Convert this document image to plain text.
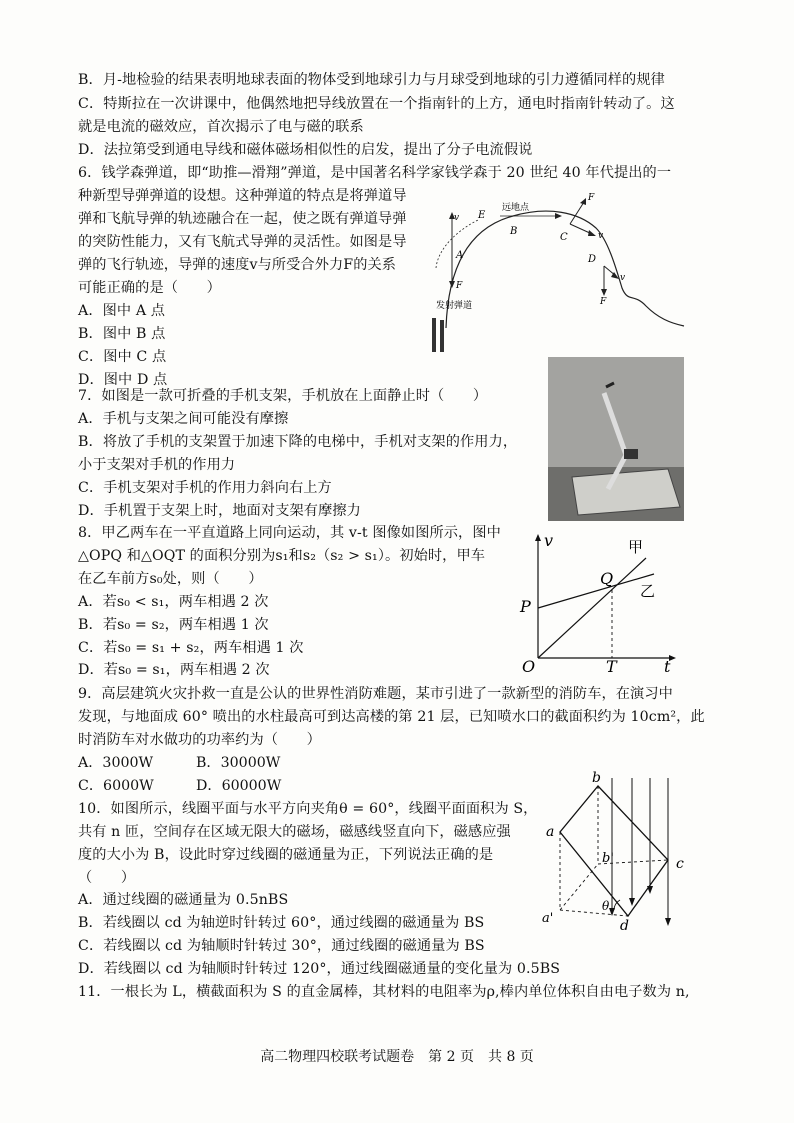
B．月-地检验的结果表明地球表面的物体受到地球引力与月球受到地球的引力遵循同样的规律
C．特斯拉在一次讲课中，他偶然地把导线放置在一个指南针的上方，通电时指南针转动了。这
就是电流的磁效应，首次揭示了电与磁的联系
D．法拉第受到通电导线和磁体磁场相似性的启发，提出了分子电流假说
6．钱学森弹道，即“助推—滑翔”弹道，是中国著名科学家钱学森于 20 世纪 40 年代提出的一
种新型导弹弹道的设想。这种弹道的特点是将弹道导
弹和飞航导弹的轨迹融合在一起，使之既有弹道导弹
的突防性能力，又有飞航式导弹的灵活性。如图是导
弹的飞行轨迹，导弹的速度v与所受合外力F的关系
可能正确的是（　　）
A．图中 A 点
B．图中 B 点
C．图中 C 点
D．图中 D 点
发射弹道
远地点
A
B
C
D
E
v
F
F
v
v
F
7．如图是一款可折叠的手机支架，手机放在上面静止时（　　）
A．手机与支架之间可能没有摩擦
B．将放了手机的支架置于加速下降的电梯中，手机对支架的作用力，
小于支架对手机的作用力
C．手机支架对手机的作用力斜向右上方
D．手机置于支架上时，地面对支架有摩擦力
8．甲乙两车在一平直道路上同向运动，其 v-t 图像如图所示，图中
△OPQ 和△OQT 的面积分别为s₁和s₂（s₂ > s₁）。初始时，甲车
在乙车前方s₀处，则（　　）
A．若s₀ < s₁，两车相遇 2 次
B．若s₀ = s₂，两车相遇 1 次
C．若s₀ = s₁ + s₂，两车相遇 1 次
D．若s₀ = s₁，两车相遇 2 次
v
t
O
P
Q
T
甲
乙
9．高层建筑火灾扑救一直是公认的世界性消防难题，某市引进了一款新型的消防车，在演习中
发现，与地面成 60° 喷出的水柱最高可到达高楼的第 21 层，已知喷水口的截面积约为 10cm²，此
时消防车对水做功的功率约为（　　）
A．3000W	B．30000W
C．6000W	D．60000W
10．如图所示，线圈平面与水平方向夹角θ = 60°，线圈平面面积为 S，
共有 n 匝，空间存在区域无限大的磁场，磁感线竖直向下，磁感应强
度的大小为 B，设此时穿过线圈的磁通量为正，下列说法正确的是
（　　）
A．通过线圈的磁通量为 0.5nBS
B．若线圈以 cd 为轴逆时针转过 60°，通过线圈的磁通量为 BS
C．若线圈以 cd 为轴顺时针转过 30°，通过线圈的磁通量为 BS
D．若线圈以 cd 为轴顺时针转过 120°，通过线圈磁通量的变化量为 0.5BS
b
a
c
d
a'
b'
θ
11．一根长为 L，横截面积为 S 的直金属棒，其材料的电阻率为ρ,棒内单位体积自由电子数为 n,
高二物理四校联考试题卷　第 2 页　共 8 页
